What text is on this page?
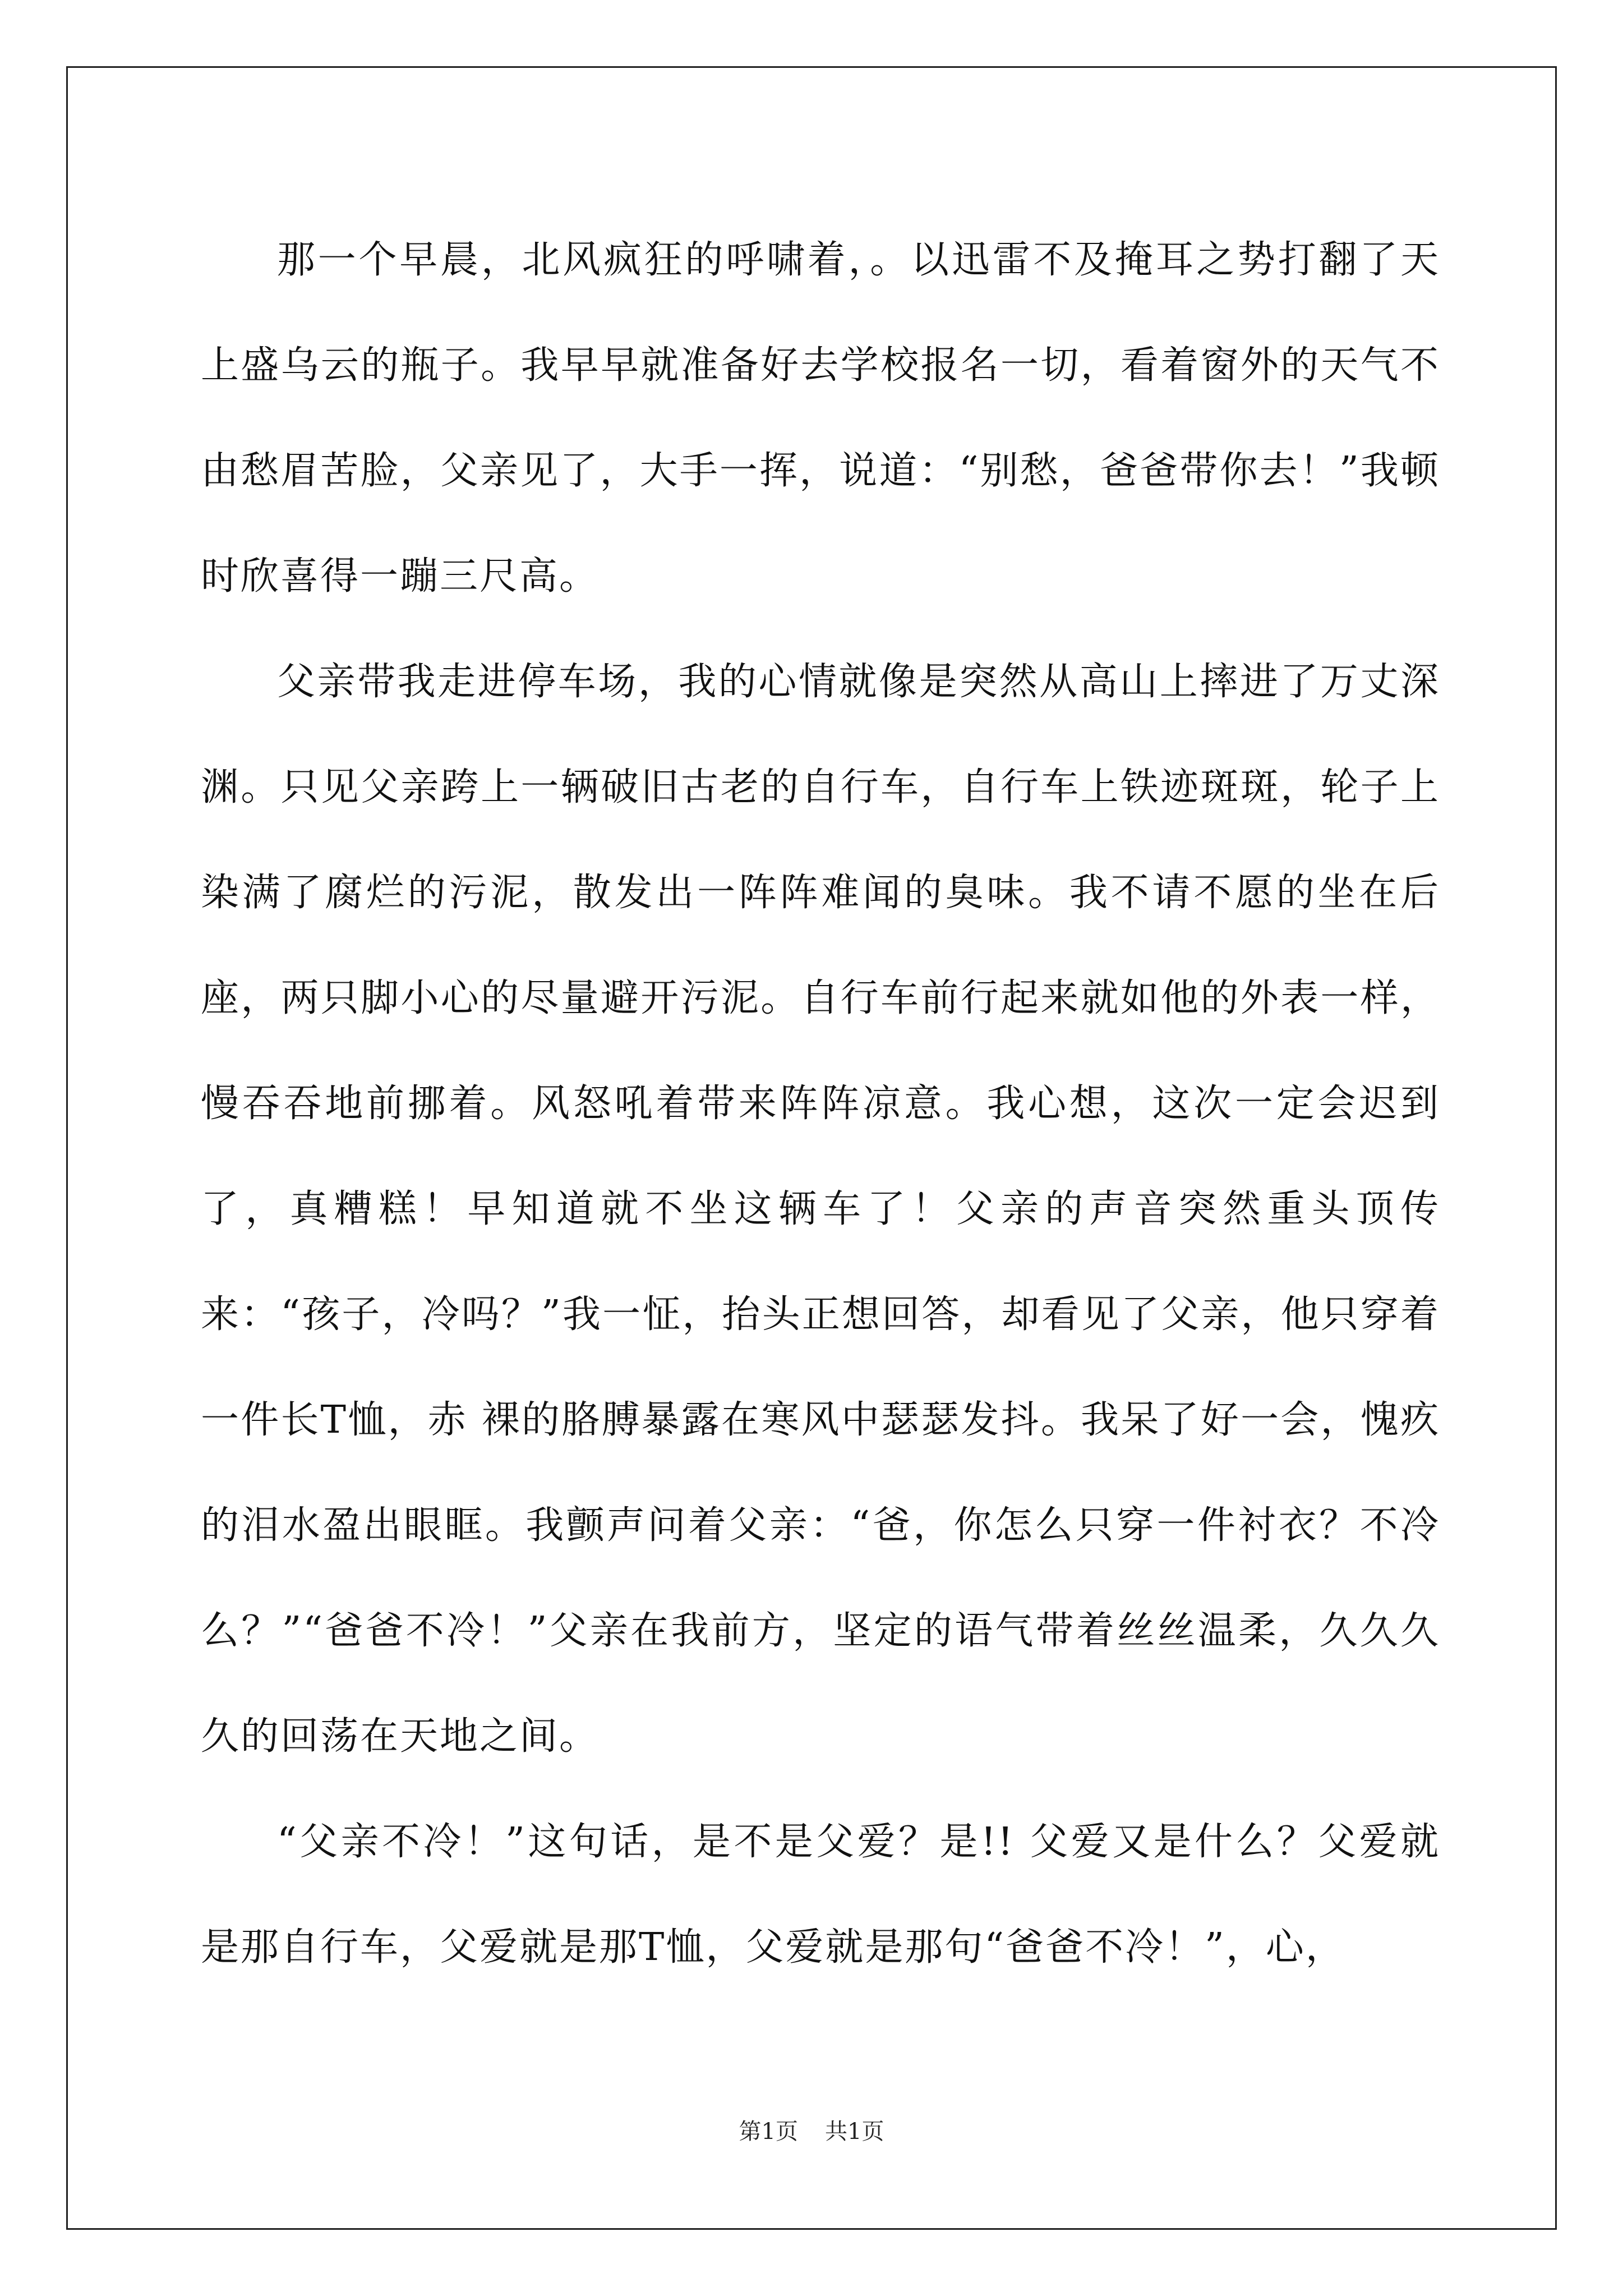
那一个早晨，北风疯狂的呼啸着，。以迅雷不及掩耳之势打翻了天上盛乌云的瓶子。我早早就准备好去学校报名一切，看着窗外的天气不由愁眉苦脸，父亲见了，大手一挥，说道：“别愁，爸爸带你去！”我顿时欣喜得一蹦三尺高。

父亲带我走进停车场，我的心情就像是突然从高山上摔进了万丈深渊。只见父亲跨上一辆破旧古老的自行车，自行车上铁迹斑斑，轮子上染满了腐烂的污泥，散发出一阵阵难闻的臭味。我不请不愿的坐在后座，两只脚小心的尽量避开污泥。自行车前行起来就如他的外表一样，慢吞吞地前挪着。风怒吼着带来阵阵凉意。我心想，这次一定会迟到了，真糟糕！早知道就不坐这辆车了！父亲的声音突然重头顶传来：“孩子，冷吗？”我一怔，抬头正想回答，却看见了父亲，他只穿着一件长T恤，赤 裸的胳膊暴露在寒风中瑟瑟发抖。我呆了好一会，愧疚的泪水盈出眼眶。我颤声问着父亲：“爸，你怎么只穿一件衬衣？不冷么？”“爸爸不冷！”父亲在我前方，坚定的语气带着丝丝温柔，久久久久的回荡在天地之间。

“父亲不冷！”这句话，是不是父爱？是!! 父爱又是什么？父爱就是那自行车，父爱就是那T恤，父爱就是那句“爸爸不冷！”，心，

第1页 共1页
